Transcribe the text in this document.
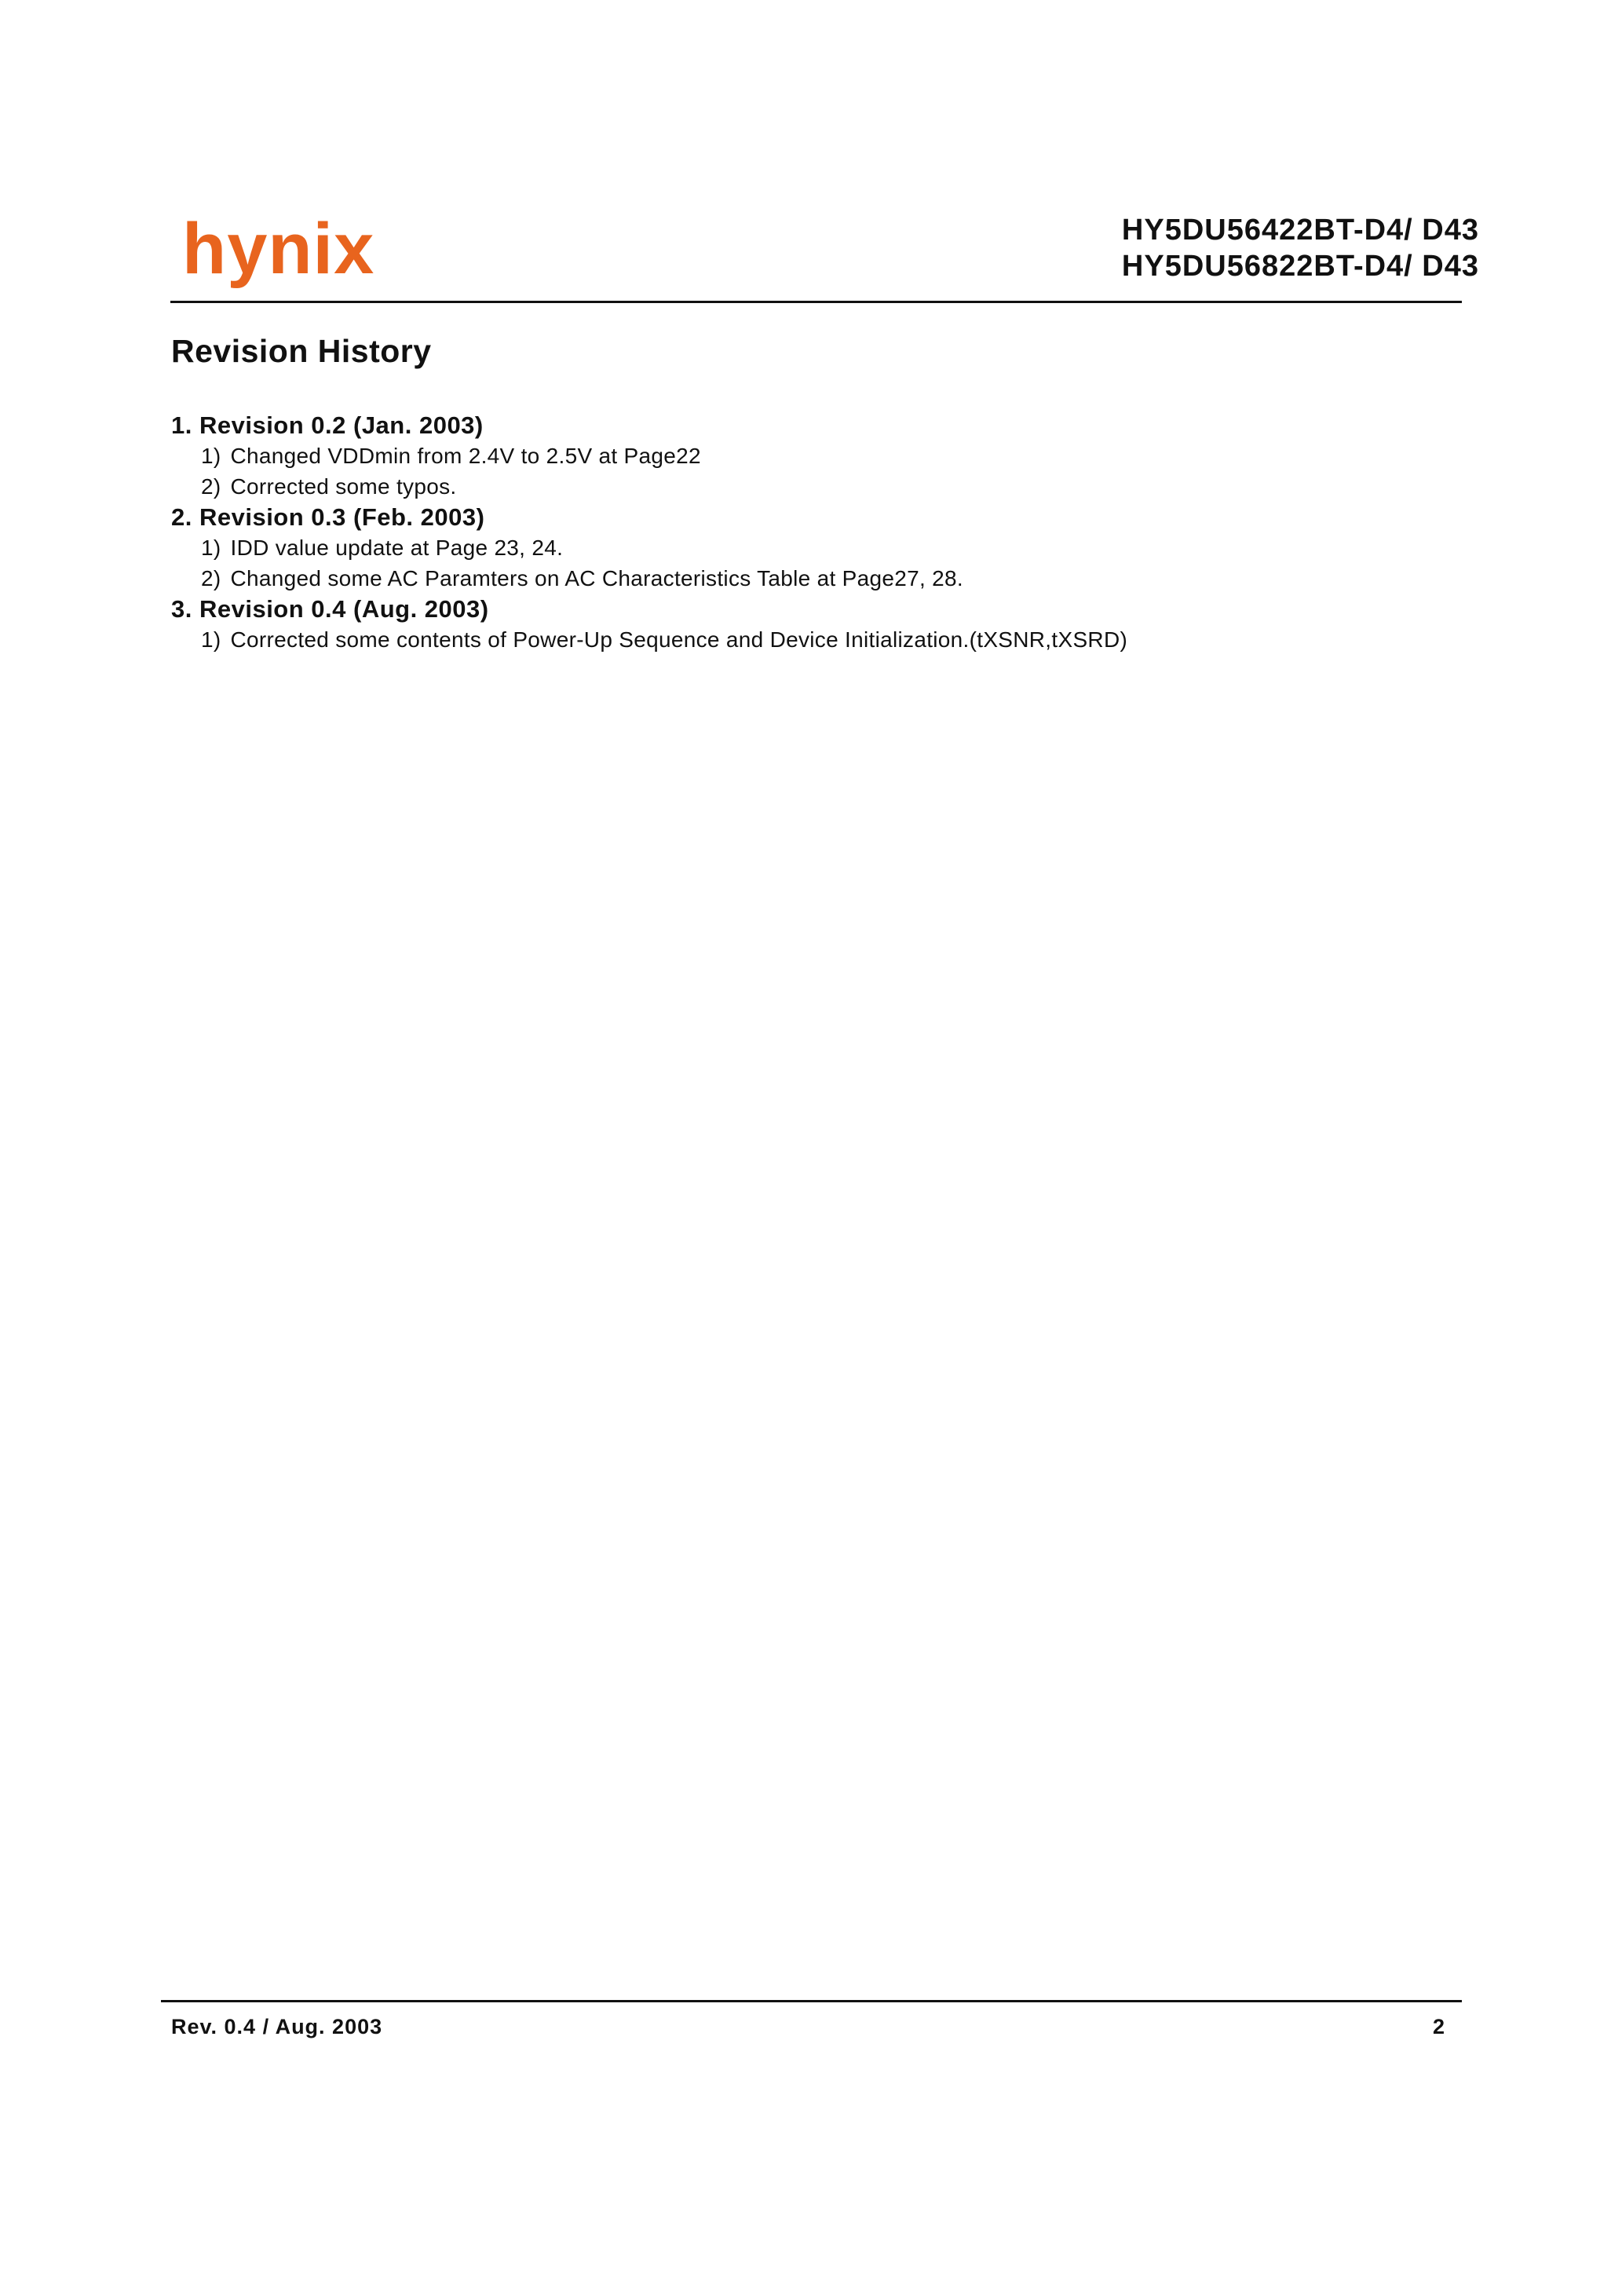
hynix	HY5DU56422BT-D4/ D43
HY5DU56822BT-D4/ D43
Revision History

1. Revision 0.2 (Jan. 2003)

1) Changed VDDmin from 2.4V to 2.5V at Page22
2) Corrected some typos.

2. Revision 0.3 (Feb. 2003)

1) IDD value update at Page 23, 24.
2) Changed some AC Paramters on AC Characteristics Table at Page27, 28.

3. Revision 0.4 (Aug. 2003)

1) Corrected some contents of Power-Up Sequence and Device Initialization.(tXSNR,tXSRD)
Rev. 0.4 / Aug. 2003	2
